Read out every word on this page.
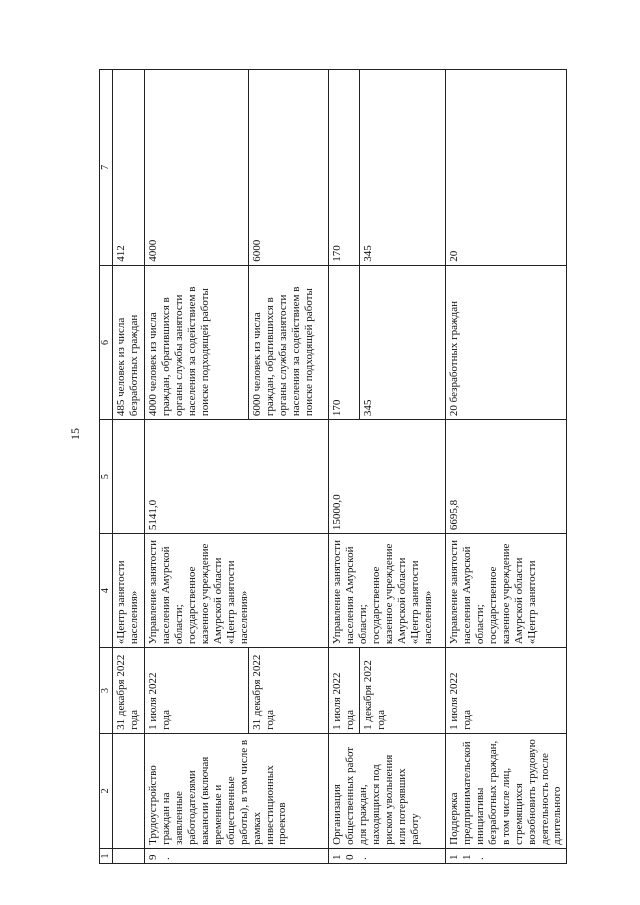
15
1	2	3	4	5	6	7
		31 декабря 2022 года	«Центр занятости населения»		485 человек из числа безработных граждан	412
9.	Трудоустройство граждан на заявленные работодателями вакансии (включая временные и общественные работы), в том числе в рамках инвестиционных проектов	1 июля 2022 года	Управление занятости населения Амурской области; государственное казенное учреждение Амурской области «Центр занятости населения»	5141,0	4000 человек из числа граждан, обратившихся в органы службы занятости населения за содействием в поиске подходящей работы	4000
		31 декабря 2022 года			6000 человек из числа граждан, обратившихся в органы службы занятости населения за содействием в поиске подходящей работы	6000
10.	Организация общественных работ для граждан, находящихся под риском увольнения или потерявших работу	1 июля 2022 года	Управление занятости населения Амурской области; государственное казенное учреждение Амурской области «Центр занятости населения»	15000,0	170	170
		1 декабря 2022 года			345	345
11.	Поддержка предпринимательской инициативы безработных граждан, в том числе лиц, стремящихся возобновить трудовую деятельность после длительного	1 июля 2022 года	Управление занятости населения Амурской области; государственное казенное учреждение Амурской области «Центр занятости	6695,8	20 безработных граждан	20
